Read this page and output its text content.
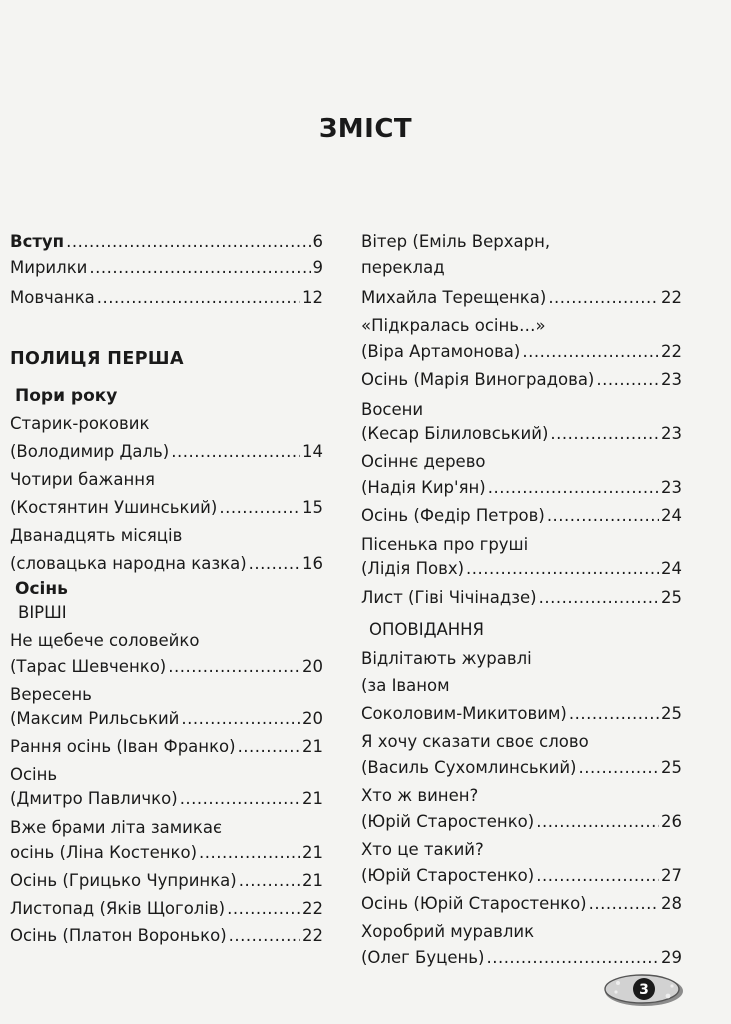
ЗМІСТ
Вступ .....	6
Мирилки .....	9
Мовчанка .....	12
ПОЛИЦЯ ПЕРША
Пори року
Старик-роковик
(Володимир Даль) .....	14
Чотири бажання
(Костянтин Ушинський) .....	15
Дванадцять місяців
(словацька народна казка) .....	16
Осінь
ВІРШІ
Не щебече соловейко
(Тарас Шевченко) .....	20
Вересень
(Максим Рильський .....	20
Рання осінь (Іван Франко) .....	21
Осінь
(Дмитро Павличко) .....	21
Вже брами літа замикає
осінь (Ліна Костенко) .....	21
Осінь (Грицько Чупринка) .....	21
Листопад (Яків Щоголів) .....	22
Осінь (Платон Воронько) .....	22
Вітер (Еміль Верхарн,
переклад
Михайла Терещенка) .....	22
«Підкралась осінь…»
(Віра Артамонова) .....	22
Осінь (Марія Виноградова) .....	23
Восени
(Кесар Білиловський) .....	23
Осіннє дерево
(Надія Кир'ян) .....	23
Осінь (Федір Петров) .....	24
Пісенька про груші
(Лідія Повх) .....	24
Лист (Гіві Чічінадзе) .....	25
ОПОВІДАННЯ
Відлітають журавлі
(за Іваном
Соколовим-Микитовим) .....	25
Я хочу сказати своє слово
(Василь Сухомлинський) .....	25
Хто ж винен?
(Юрій Старостенко) .....	26
Хто це такий?
(Юрій Старостенко) .....	27
Осінь (Юрій Старостенко) .....	28
Хоробрий муравлик
(Олег Буцень) .....	29
3
